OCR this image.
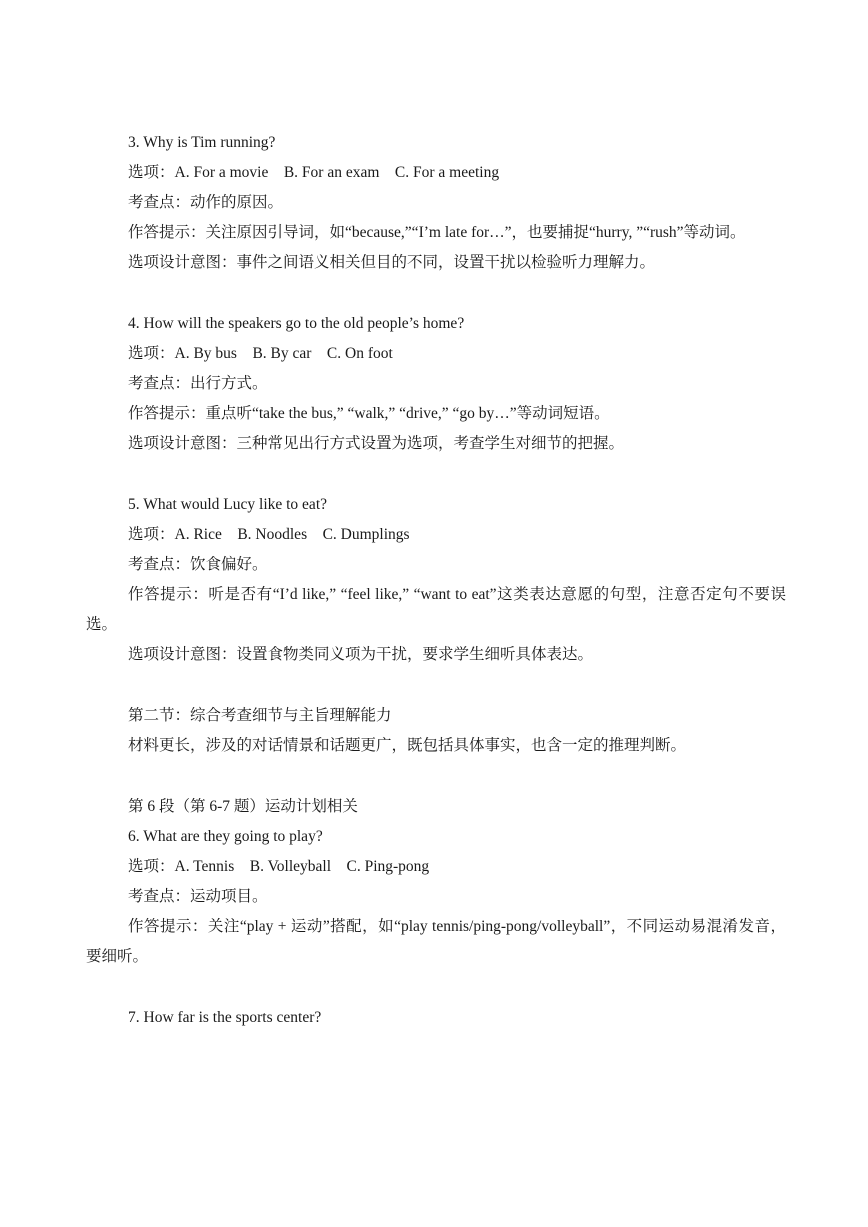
3. Why is Tim running?
选项：A. For a movie    B. For an exam    C. For a meeting
考查点：动作的原因。

作答提示：关注原因引导词，如“because,”“I’m late for…”，也要捕捉“hurry, ”“rush”等动词。

选项设计意图：事件之间语义相关但目的不同，设置干扰以检验听力理解力。
4. How will the speakers go to the old people’s home?
选项：A. By bus    B. By car    C. On foot
考查点：出行方式。
作答提示：重点听“take the bus,” “walk,” “drive,” “go by…”等动词短语。
选项设计意图：三种常见出行方式设置为选项，考查学生对细节的把握。
5. What would Lucy like to eat?
选项：A. Rice    B. Noodles    C. Dumplings
考查点：饮食偏好。

作答提示：听是否有“I’d like,” “feel like,” “want to eat”这类表达意愿的句型，注意否定句不要误选。

选项设计意图：设置食物类同义项为干扰，要求学生细听具体表达。
第二节：综合考查细节与主旨理解能力
材料更长，涉及的对话情景和话题更广，既包括具体事实，也含一定的推理判断。
第 6 段（第 6-7 题）运动计划相关
6. What are they going to play?
选项：A. Tennis    B. Volleyball    C. Ping-pong
考查点：运动项目。

作答提示：关注“play + 运动”搭配，如“play tennis/ping-pong/volleyball”，不同运动易混淆发音，要细听。

7. How far is the sports center?
